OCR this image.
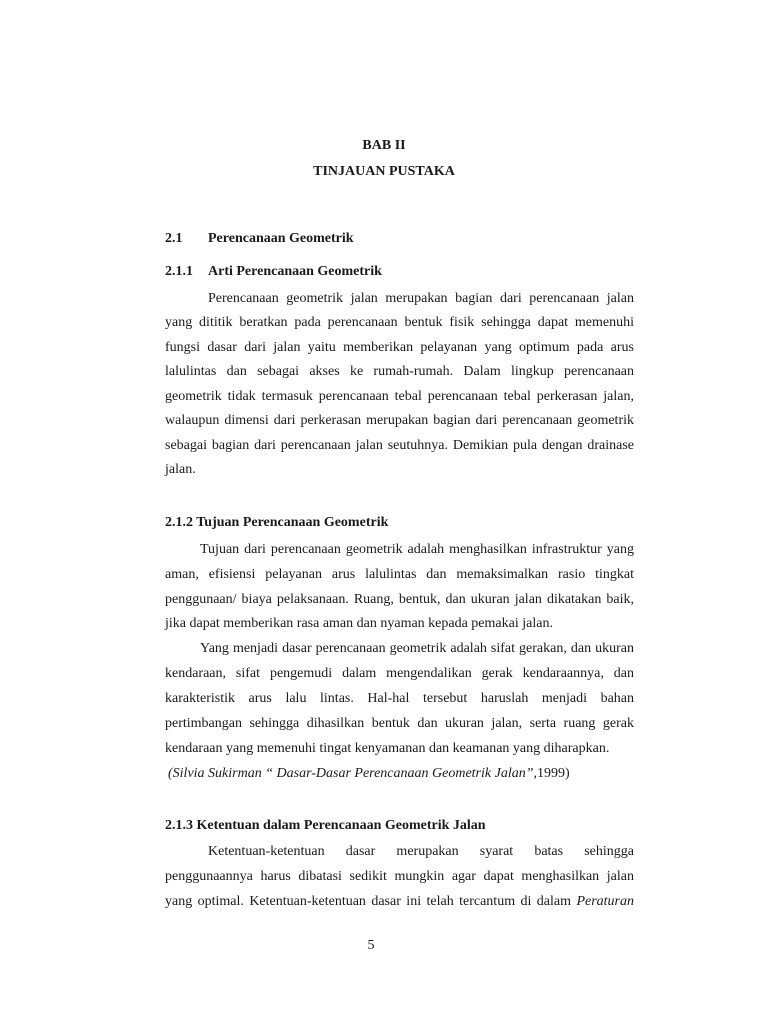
BAB II
TINJAUAN PUSTAKA
2.1 Perencanaan Geometrik
2.1.1 Arti Perencanaan Geometrik
Perencanaan geometrik jalan merupakan bagian dari perencanaan jalan
yang dititik beratkan pada perencanaan bentuk fisik sehingga dapat memenuhi
fungsi dasar dari jalan yaitu memberikan pelayanan yang optimum pada arus
lalulintas dan sebagai akses ke rumah-rumah. Dalam lingkup perencanaan
geometrik tidak termasuk perencanaan tebal perencanaan tebal perkerasan jalan,
walaupun dimensi dari perkerasan merupakan bagian dari perencanaan geometrik
sebagai bagian dari perencanaan jalan seutuhnya. Demikian pula dengan drainase
jalan.
2.1.2 Tujuan Perencanaan Geometrik
Tujuan dari perencanaan geometrik adalah menghasilkan infrastruktur yang
aman, efisiensi pelayanan arus lalulintas dan memaksimalkan rasio tingkat
penggunaan/ biaya pelaksanaan. Ruang, bentuk, dan ukuran jalan dikatakan baik,
jika dapat memberikan rasa aman dan nyaman kepada pemakai jalan.
Yang menjadi dasar perencanaan geometrik adalah sifat gerakan, dan ukuran
kendaraan, sifat pengemudi dalam mengendalikan gerak kendaraannya, dan
karakteristik arus lalu lintas. Hal-hal tersebut haruslah menjadi bahan
pertimbangan sehingga dihasilkan bentuk dan ukuran jalan, serta ruang gerak
kendaraan yang memenuhi tingat kenyamanan dan keamanan yang diharapkan.
(Silvia Sukirman “ Dasar-Dasar Perencanaan Geometrik Jalan”,1999)
2.1.3 Ketentuan dalam Perencanaan Geometrik Jalan
Ketentuan-ketentuan dasar merupakan syarat batas sehingga
penggunaannya harus dibatasi sedikit mungkin agar dapat menghasilkan jalan
yang optimal. Ketentuan-ketentuan dasar ini telah tercantum di dalam Peraturan
5
